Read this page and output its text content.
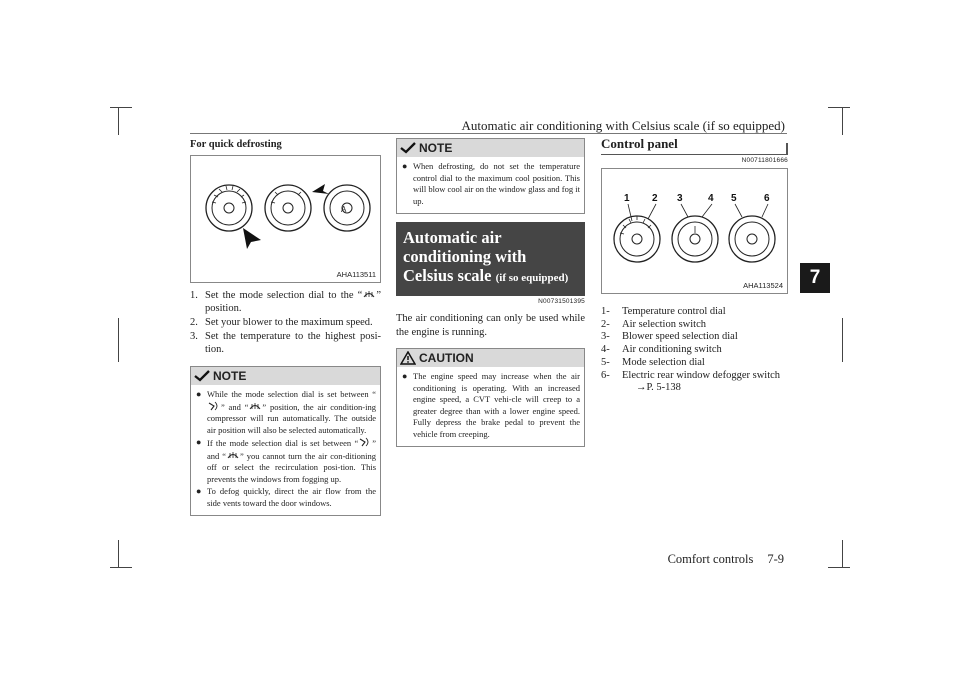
Automatic air conditioning with Celsius scale (if so equipped)
7
For quick defrosting
A
AHA113511
1. Set the mode selection dial to the “ ” position.
2. Set your blower to the maximum speed.
3. Set the temperature to the highest posi-tion.
NOTE
● While the mode selection dial is set between “” and “ ” position, the air condition-ing compressor will run automatically. The outside air position will also be selected automatically.
● If the mode selection dial is set between “ ” and “ ” you cannot turn the air con-ditioning off or select the recirculation posi-tion. This prevents the windows from fogging up.
● To defog quickly, direct the air flow from the side vents toward the door windows.
NOTE
● When defrosting, do not set the temperature control dial to the maximum cool position. This will blow cool air on the window glass and fog it up.
Automatic air conditioning with Celsius scale (if so equipped)
N00731501395
The air conditioning can only be used while the engine is running.
CAUTION
● The engine speed may increase when the air conditioning is operating. With an increased engine speed, a CVT vehi-cle will creep to a greater degree than with a lower engine speed. Fully depress the brake pedal to prevent the vehicle from creeping.
Control panel
N00711801666
1 2 3	4 5	6
AHA113524
1- Temperature control dial
2- Air selection switch
3- Blower speed selection dial
4- Air conditioning switch
5- Mode selection dial
6- Electric rear window defogger switch
→P. 5-138
Comfort controls 7-9
